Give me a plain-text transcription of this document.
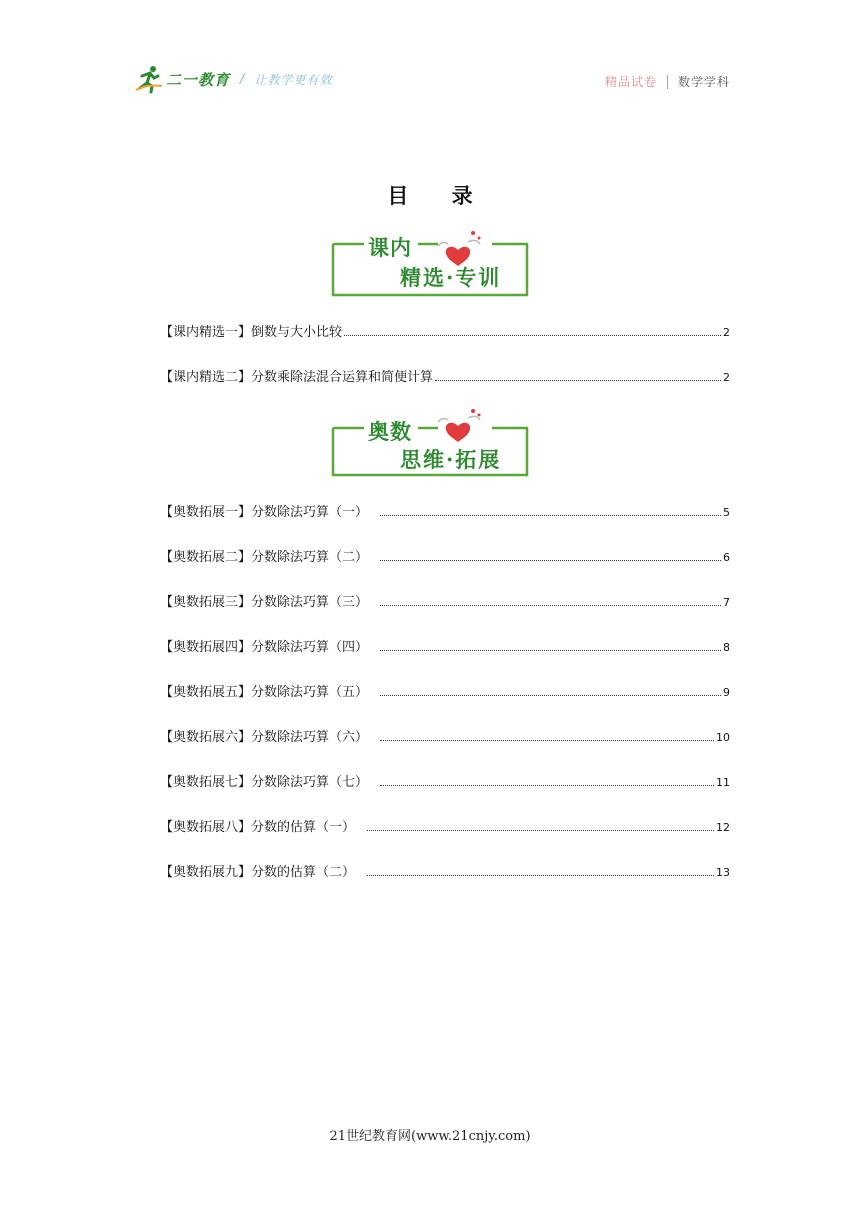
二一教育 / 让教学更有效	精品试卷 数学学科
目 录
课内
精选·专训
【课内精选一】倒数与大小比较	2
【课内精选二】分数乘除法混合运算和简便计算	2
奥数
思维·拓展
【奥数拓展一】分数除法巧算（一）	5
【奥数拓展二】分数除法巧算（二）	6
【奥数拓展三】分数除法巧算（三）	7
【奥数拓展四】分数除法巧算（四）	8
【奥数拓展五】分数除法巧算（五）	9
【奥数拓展六】分数除法巧算（六）	10
【奥数拓展七】分数除法巧算（七）	11
【奥数拓展八】分数的估算（一）	12
【奥数拓展九】分数的估算（二）	13
21世纪教育网(www.21cnjy.com)
